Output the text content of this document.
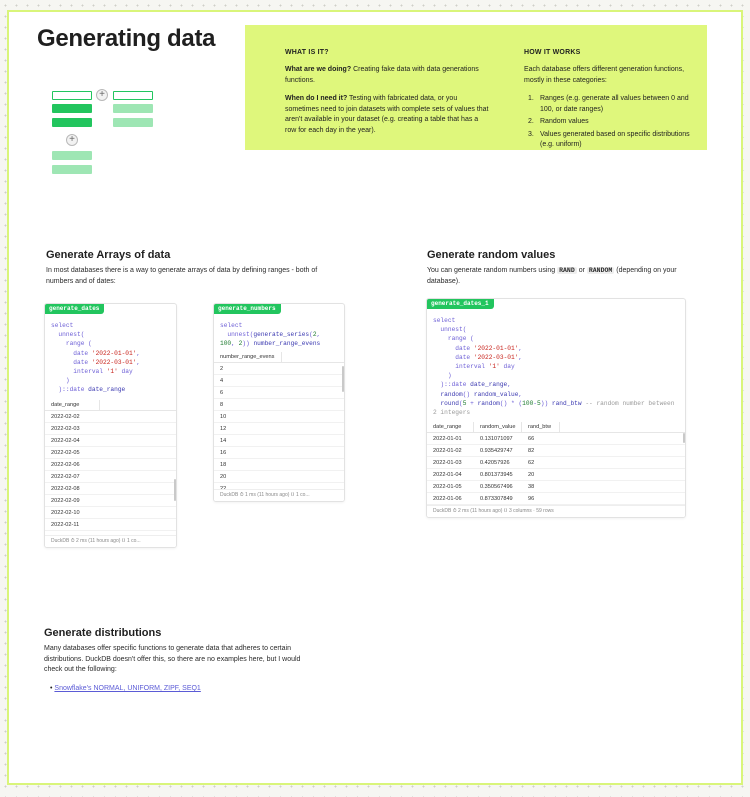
Generating data
+
+
WHAT IS IT?
What are we doing? Creating fake data with data generations functions.
When do I need it? Testing with fabricated data, or you sometimes need to join datasets with complete sets of values that aren't available in your dataset (e.g. creating a table that has a row for each day in the year).
HOW IT WORKS
Each database offers different generation functions, mostly in these categories:
1. Ranges (e.g. generate all values between 0 and 100, or date ranges)
2. Random values
3. Values generated based on specific distributions (e.g. uniform)
Generate Arrays of data
In most databases there is a way to generate arrays of data by defining ranges - both of numbers and of dates:
generate_dates
select
unnest(
range (
date '2022-01-01',
date '2022-03-01',
interval '1' day
)
)::date date_range
date_range
2022-02-02
2022-02-03
2022-02-04
2022-02-05
2022-02-06
2022-02-07
2022-02-08
2022-02-09
2022-02-10
2022-02-11
DuckDB ⏱ 2 ms (11 hours ago) ▯ 1 co...
generate_numbers
select
unnest(generate_series(2,
100, 2)) number_range_evens
number_range_evens
2
4
6
8
10
12
14
16
18
20
DuckDB ⏱ 1 ms (11 hours ago) ▯ 1 co...
Generate random values
You can generate random numbers using RAND or RANDOM (depending on your database).
generate_dates_1
select
unnest(
range (
date '2022-01-01',
date '2022-03-01',
interval '1' day
)
)::date date_range,
random() random_value,
round(5 + random() * (100-5)) rand_btw -- random number between
2 integers
date_range	random_value	rand_btw
2022-01-01	0.131071097	66
2022-01-02	0.935429747	82
2022-01-03	0.42057926	62
2022-01-04	0.801373945	20
2022-01-05	0.350567496	38
2022-01-06	0.873307849	96
DuckDB ⏱ 2 ms (11 hours ago) ▯ 3 columns · 59 rows
Generate distributions
Many databases offer specific functions to generate data that adheres to certain distributions. DuckDB doesn't offer this, so there are no examples here, but I would check out the following:
• Snowflake's NORMAL, UNIFORM, ZIPF, SEQ1
